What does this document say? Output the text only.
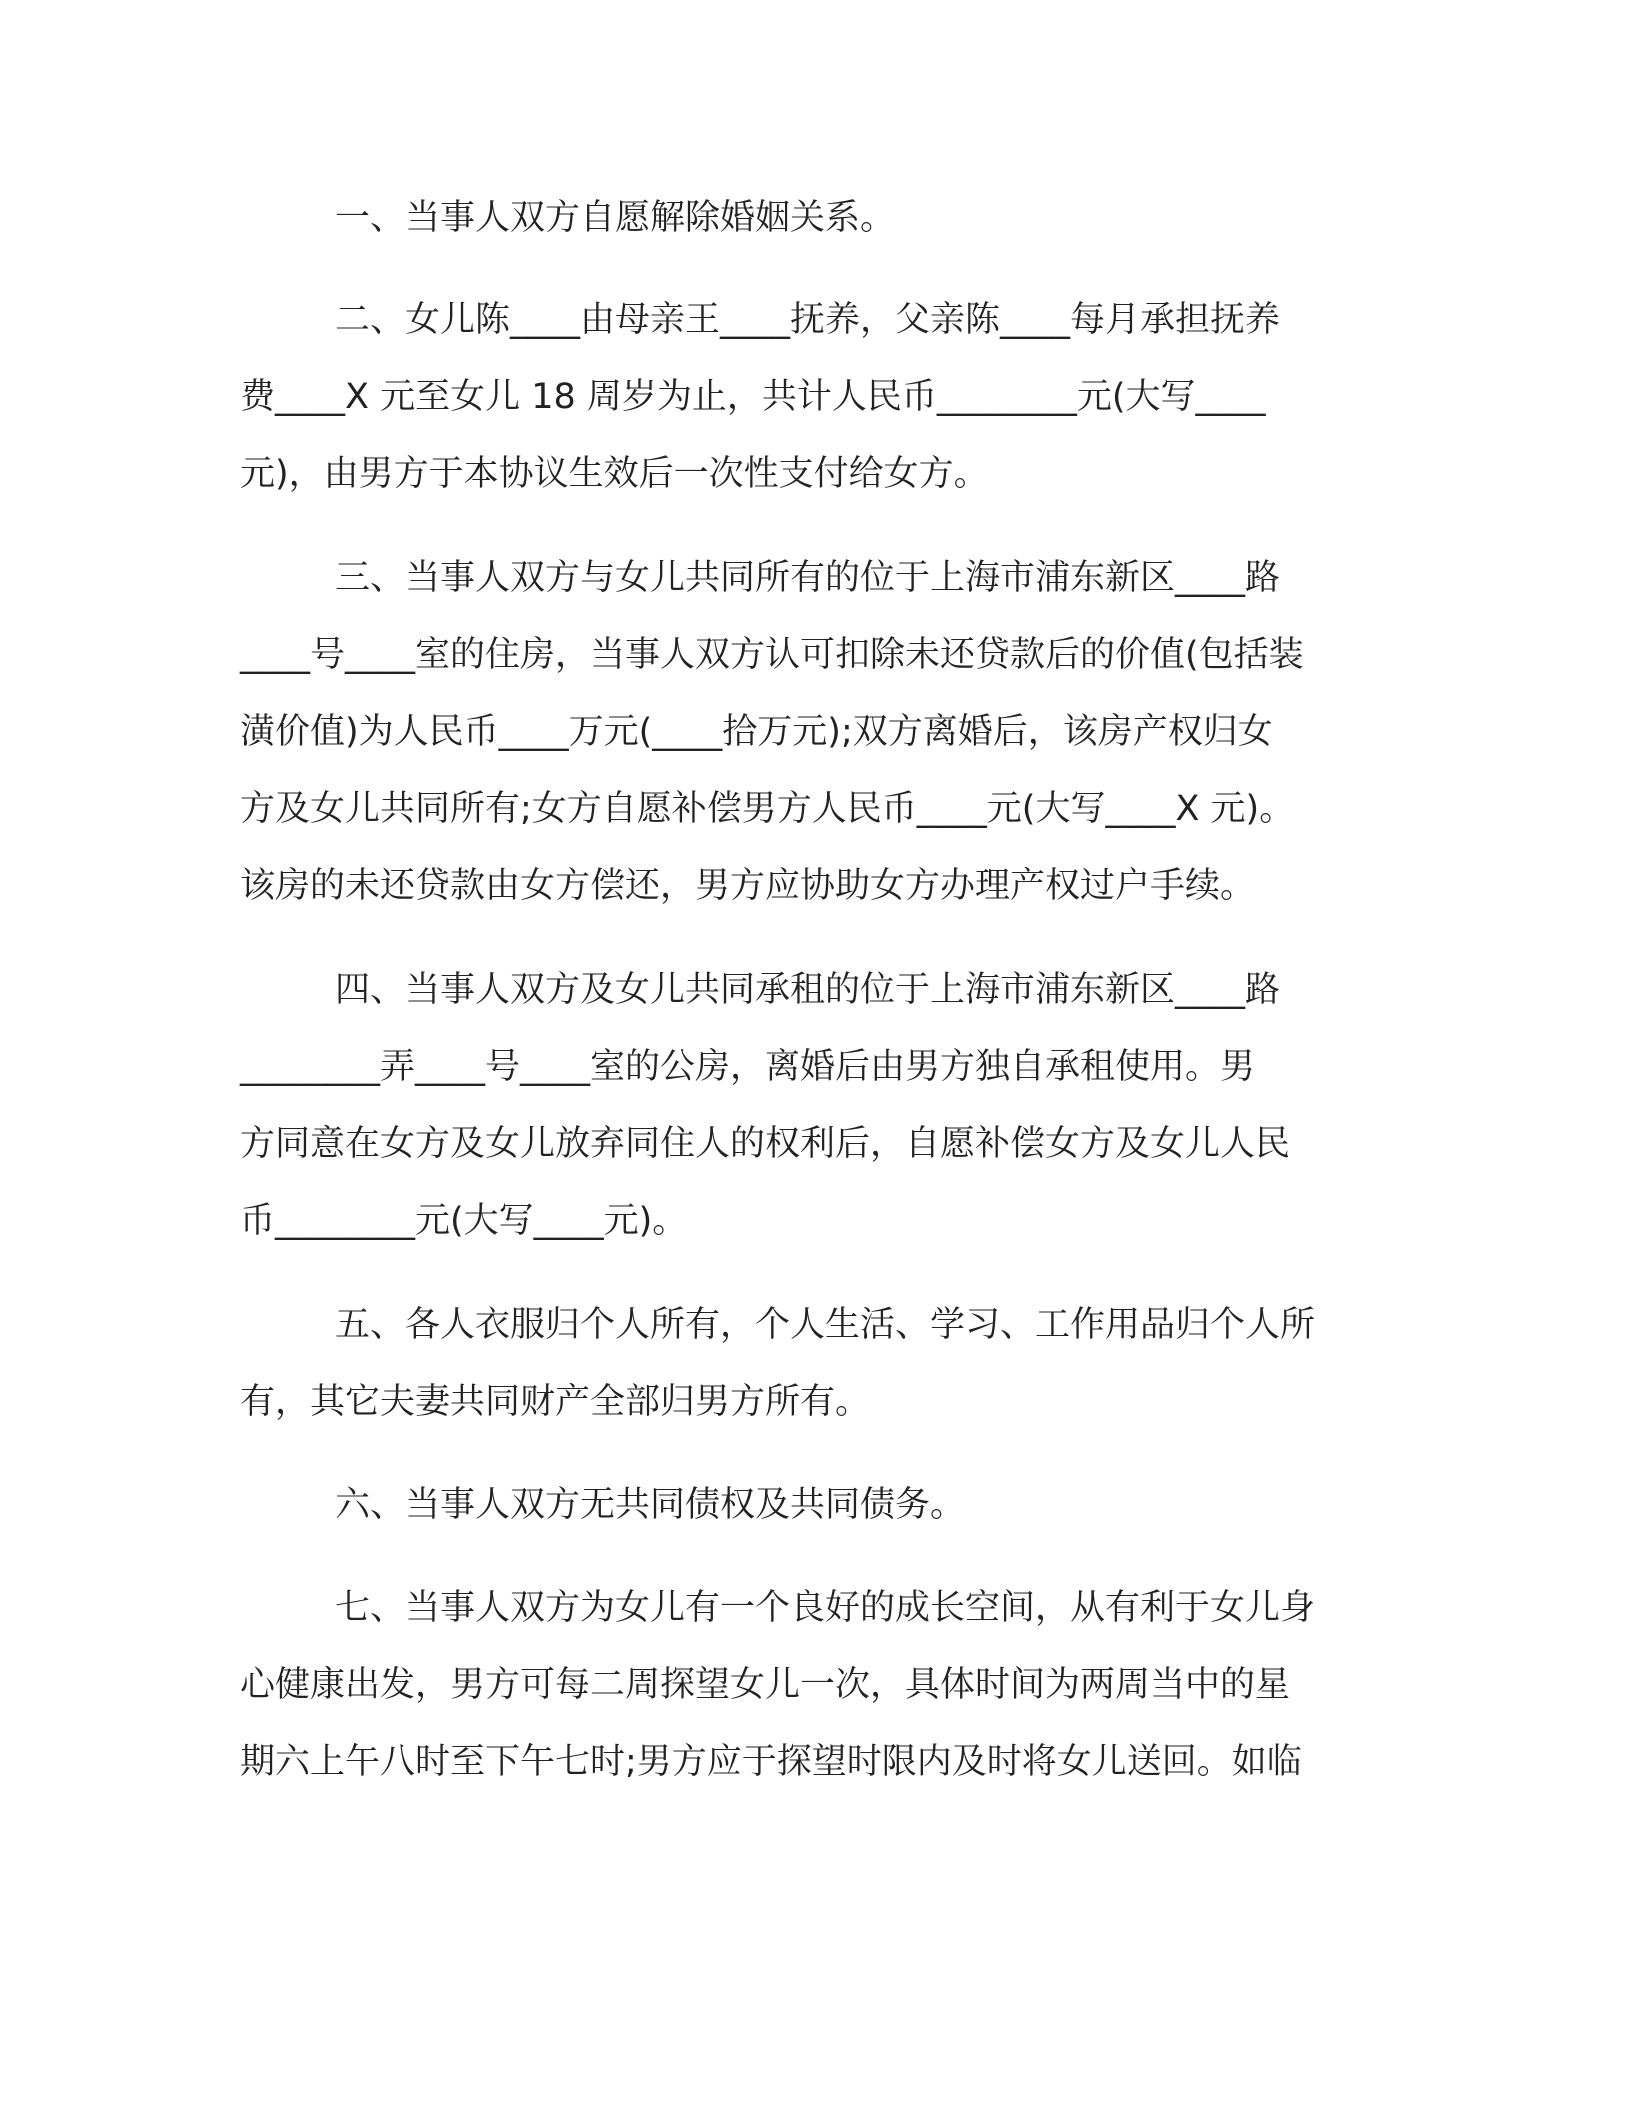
一、当事人双方自愿解除婚姻关系。
二、女儿陈____由母亲王____抚养，父亲陈____每月承担抚养
费____X 元至女儿 18 周岁为止，共计人民币________元(大写____
元)，由男方于本协议生效后一次性支付给女方。
三、当事人双方与女儿共同所有的位于上海市浦东新区____路
____号____室的住房，当事人双方认可扣除未还贷款后的价值(包括装
潢价值)为人民币____万元(____拾万元);双方离婚后，该房产权归女
方及女儿共同所有;女方自愿补偿男方人民币____元(大写____X 元)。
该房的未还贷款由女方偿还，男方应协助女方办理产权过户手续。
四、当事人双方及女儿共同承租的位于上海市浦东新区____路
________弄____号____室的公房，离婚后由男方独自承租使用。男
方同意在女方及女儿放弃同住人的权利后，自愿补偿女方及女儿人民
币________元(大写____元)。
五、各人衣服归个人所有，个人生活、学习、工作用品归个人所
有，其它夫妻共同财产全部归男方所有。
六、当事人双方无共同债权及共同债务。
七、当事人双方为女儿有一个良好的成长空间，从有利于女儿身
心健康出发，男方可每二周探望女儿一次，具体时间为两周当中的星
期六上午八时至下午七时;男方应于探望时限内及时将女儿送回。如临
